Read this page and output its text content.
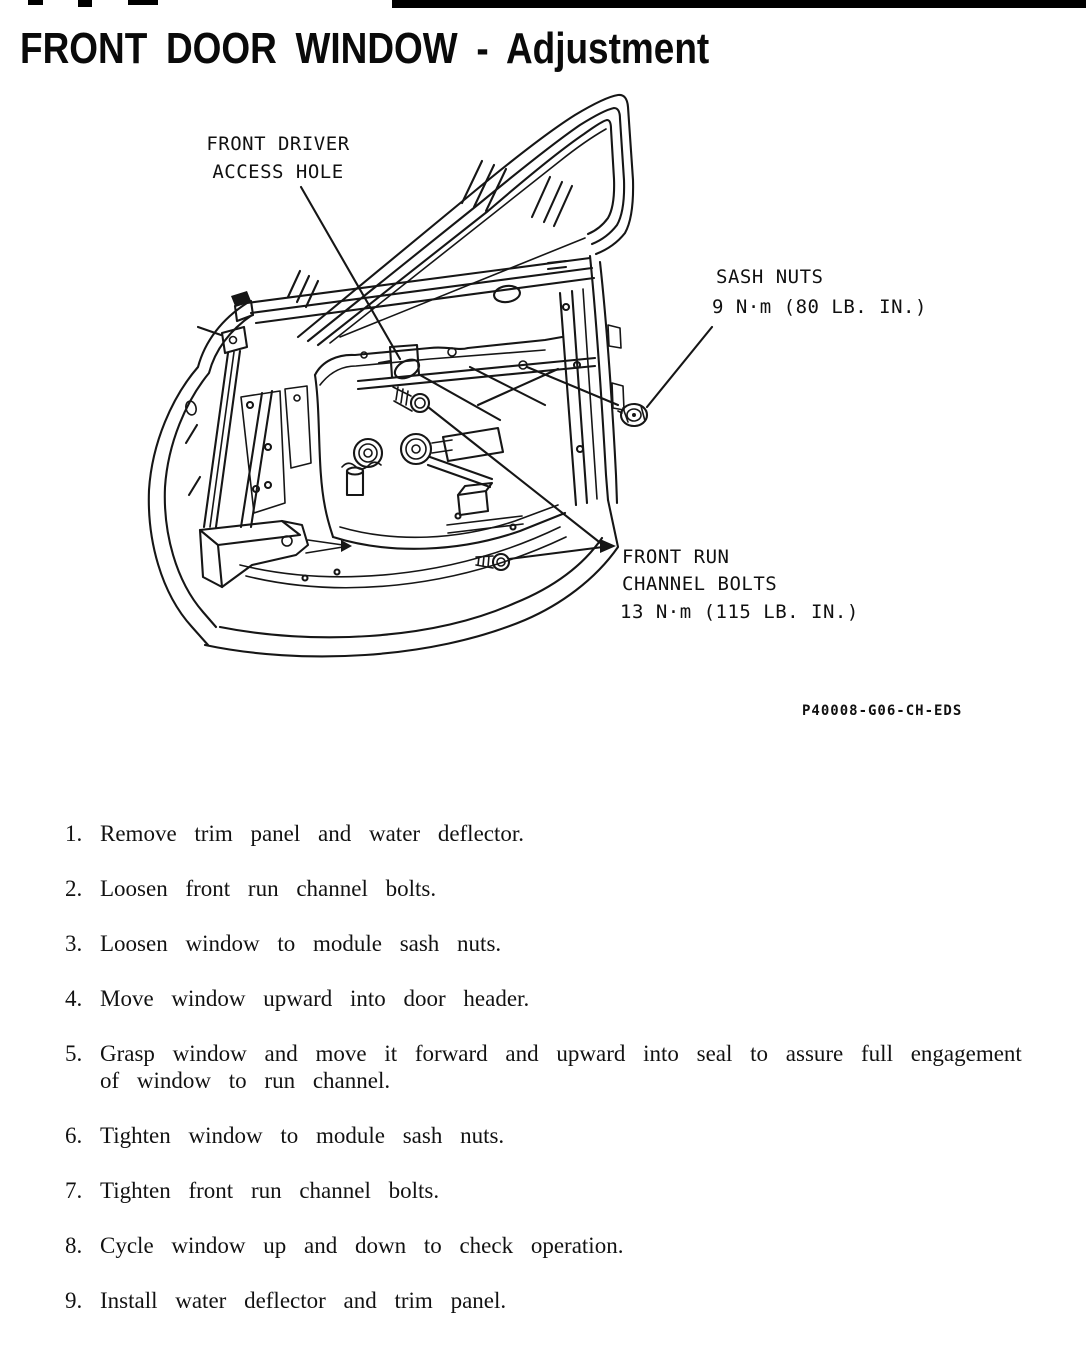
FRONT DOOR WINDOW - Adjustment
FRONT DRIVER
ACCESS HOLE
SASH NUTS
9 N·m (80 LB. IN.)
FRONT RUN
CHANNEL BOLTS
13 N·m (115 LB. IN.)
P40008-G06-CH-EDS
1. Remove trim panel and water deflector.
2. Loosen front run channel bolts.
3. Loosen window to module sash nuts.
4. Move window upward into door header.
5. Grasp window and move it forward and upward into seal to assure full engagement of window to run channel.
6. Tighten window to module sash nuts.
7. Tighten front run channel bolts.
8. Cycle window up and down to check operation.
9. Install water deflector and trim panel.
